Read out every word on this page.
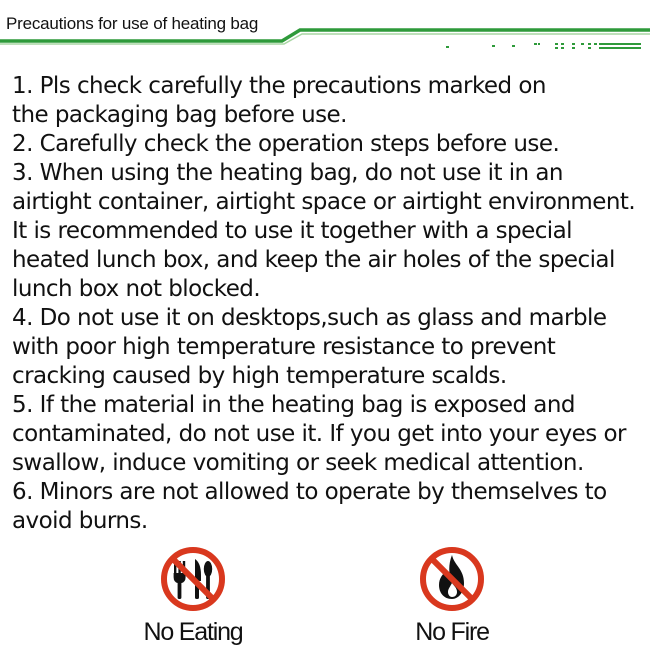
Precautions for use of heating bag

1. Pls check carefully the precautions marked on
the packaging bag before use.

2. Carefully check the operation steps before use.

3. When using the heating bag, do not use it in an airtight container, airtight space or airtight environment. It is recommended to use it together with a special heated lunch box, and keep the air holes of the special lunch box not blocked.

4. Do not use it on desktops,such as glass and marble with poor high temperature resistance to prevent cracking caused by high temperature scalds.

5. If the material in the heating bag is exposed and contaminated, do not use it. If you get into your eyes or swallow, induce vomiting or seek medical attention.

6. Minors are not allowed to operate by themselves to avoid burns.

No Eating	No Fire
